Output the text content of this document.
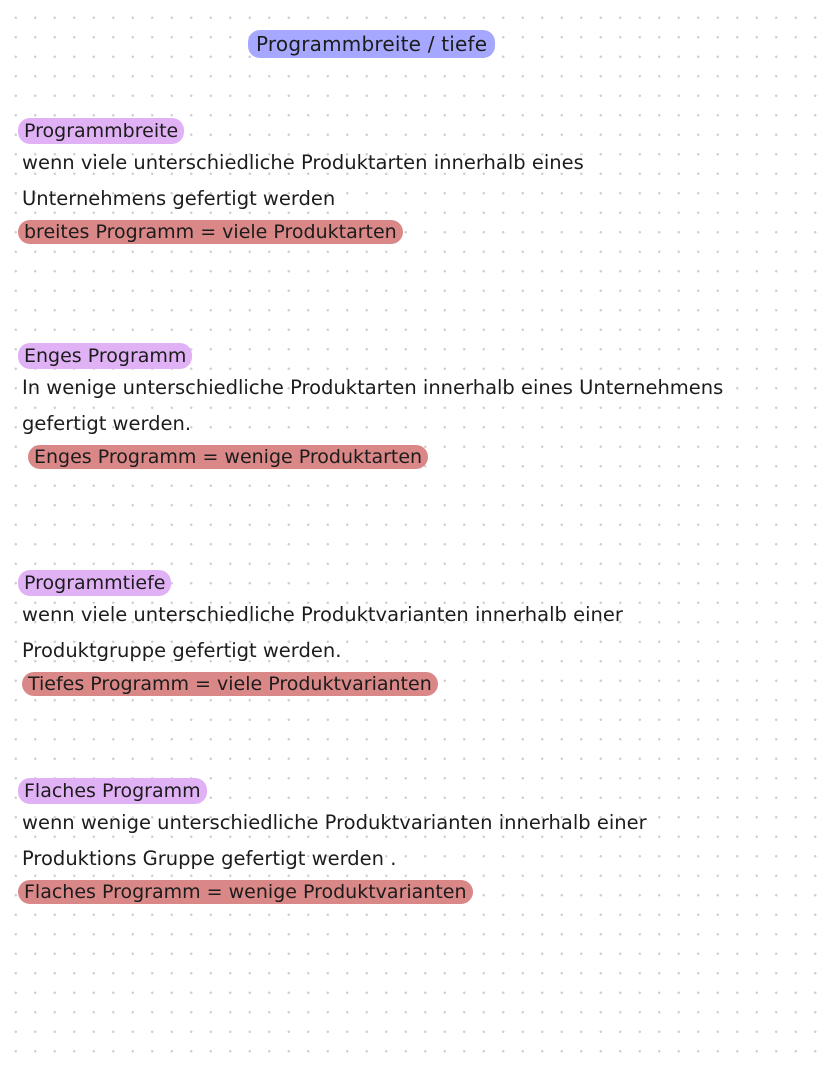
Programmbreite / tiefe
Programmbreite
wenn viele unterschiedliche Produktarten innerhalb eines
Unternehmens gefertigt werden
breites Programm = viele Produktarten
Enges Programm
In wenige unterschiedliche Produktarten innerhalb eines Unternehmens
gefertigt werden.
Enges Programm = wenige Produktarten
Programmtiefe
wenn viele unterschiedliche Produktvarianten innerhalb einer
Produktgruppe gefertigt werden.
Tiefes Programm = viele Produktvarianten
Flaches Programm
wenn wenige unterschiedliche Produktvarianten innerhalb einer
Produktions Gruppe gefertigt werden .
Flaches Programm = wenige Produktvarianten
